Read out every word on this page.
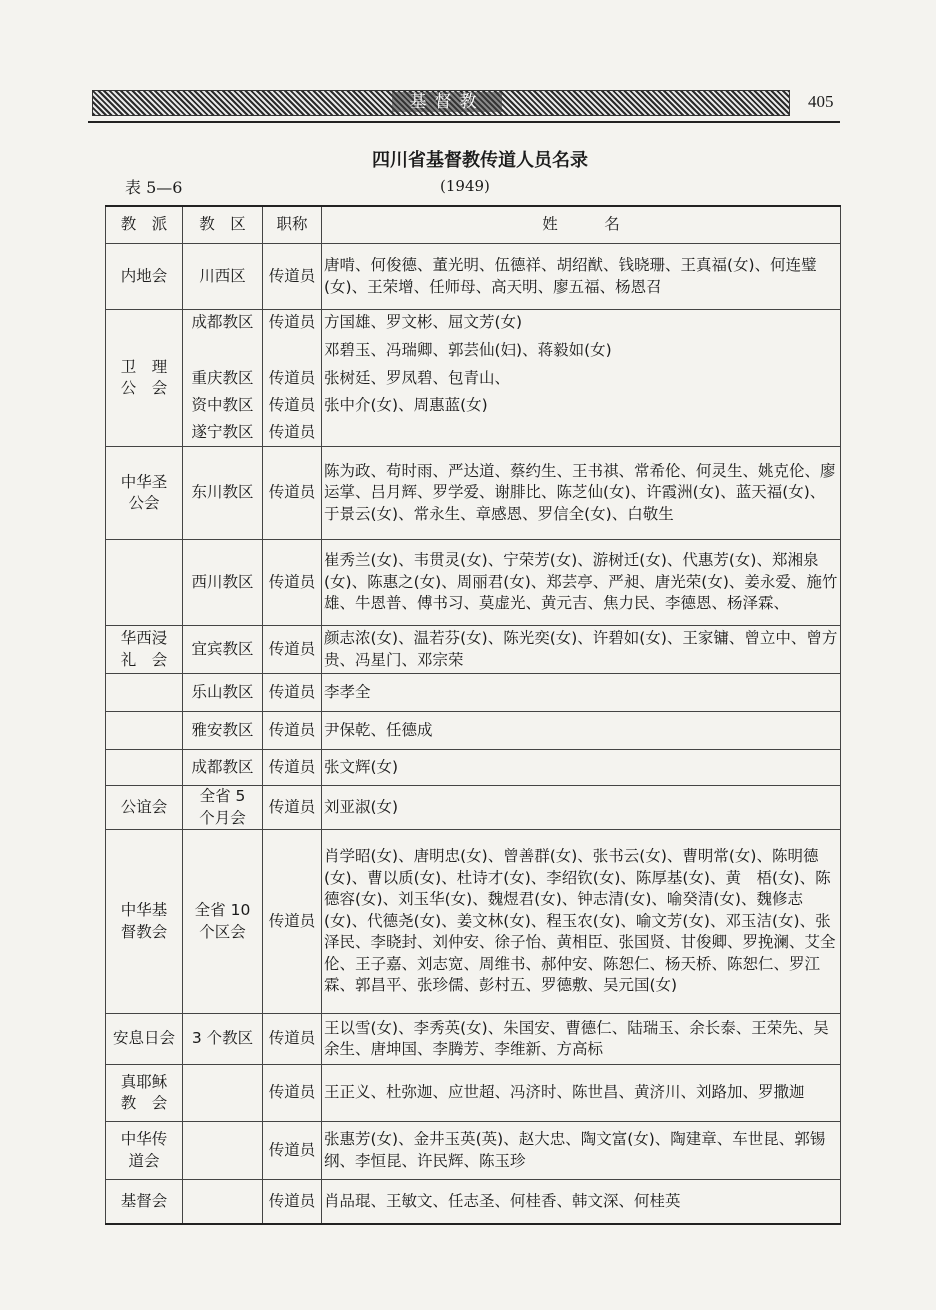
基督教	405
四川省基督教传道人员名录
表 5—6	(1949)
教　派	教　区	职称	姓　　　名

内地会	川西区	传道员	唐啃、何俊德、董光明、伍德祥、胡绍猷、钱晓珊、王真福(女)、何连璧(女)、王荣增、任师母、高天明、廖五福、杨恩召

卫　理
公　会	成都教区	传道员	方国雄、罗文彬、屈文芳(女)

			邓碧玉、冯瑞卿、郭芸仙(妇)、蒋毅如(女)

	重庆教区	传道员	张树廷、罗凤碧、包青山、

	资中教区	传道员	张中介(女)、周惠蓝(女)

	遂宁教区	传道员	

中华圣
公会	东川教区	传道员	陈为政、苟时雨、严达道、蔡约生、王书祺、常希伦、何灵生、姚克伦、廖运掌、吕月辉、罗学爱、谢腓比、陈芝仙(女)、许霞洲(女)、蓝天福(女)、于景云(女)、常永生、章感恩、罗信全(女)、白敬生

	西川教区	传道员	崔秀兰(女)、韦贯灵(女)、宁荣芳(女)、游树迁(女)、代惠芳(女)、郑湘泉(女)、陈惠之(女)、周丽君(女)、郑芸亭、严昶、唐光荣(女)、姜永爱、施竹雄、牛恩普、傅书习、莫虚光、黄元吉、焦力民、李德恩、杨泽霖、

华西浸
礼　会	宜宾教区	传道员	颜志浓(女)、温若芬(女)、陈光奕(女)、许碧如(女)、王家镛、曾立中、曾方贵、冯星门、邓宗荣

	乐山教区	传道员	李孝全

	雅安教区	传道员	尹保乾、任德成

	成都教区	传道员	张文辉(女)

公谊会	全省 5
个月会	传道员	刘亚淑(女)

中华基
督教会	全省 10
个区会	传道员	肖学昭(女)、唐明忠(女)、曾善群(女)、张书云(女)、曹明常(女)、陈明德(女)、曹以质(女)、杜诗才(女)、李绍钦(女)、陈厚基(女)、黄　梧(女)、陈德容(女)、刘玉华(女)、魏煜君(女)、钟志清(女)、喻癸清(女)、魏修志(女)、代德尧(女)、姜文林(女)、程玉农(女)、喻文芳(女)、邓玉洁(女)、张泽民、李晓封、刘仲安、徐子怡、黄相臣、张国贤、甘俊卿、罗挽澜、艾全伦、王子嘉、刘志宽、周维书、郝仲安、陈恕仁、杨天桥、陈恕仁、罗江霖、郭昌平、张珍儒、彭村五、罗德敷、吴元国(女)

安息日会	3 个教区	传道员	王以雪(女)、李秀英(女)、朱国安、曹德仁、陆瑞玉、余长泰、王荣先、吴余生、唐坤国、李腾芳、李维新、方高标

真耶稣
教　会		传道员	王正义、杜弥迦、应世超、冯济时、陈世昌、黄济川、刘路加、罗撒迦

中华传
道会		传道员	张惠芳(女)、金井玉英(英)、赵大忠、陶文富(女)、陶建章、车世昆、郭锡纲、李恒昆、许民辉、陈玉珍

基督会		传道员	肖品琨、王敏文、任志圣、何桂香、韩文深、何桂英
